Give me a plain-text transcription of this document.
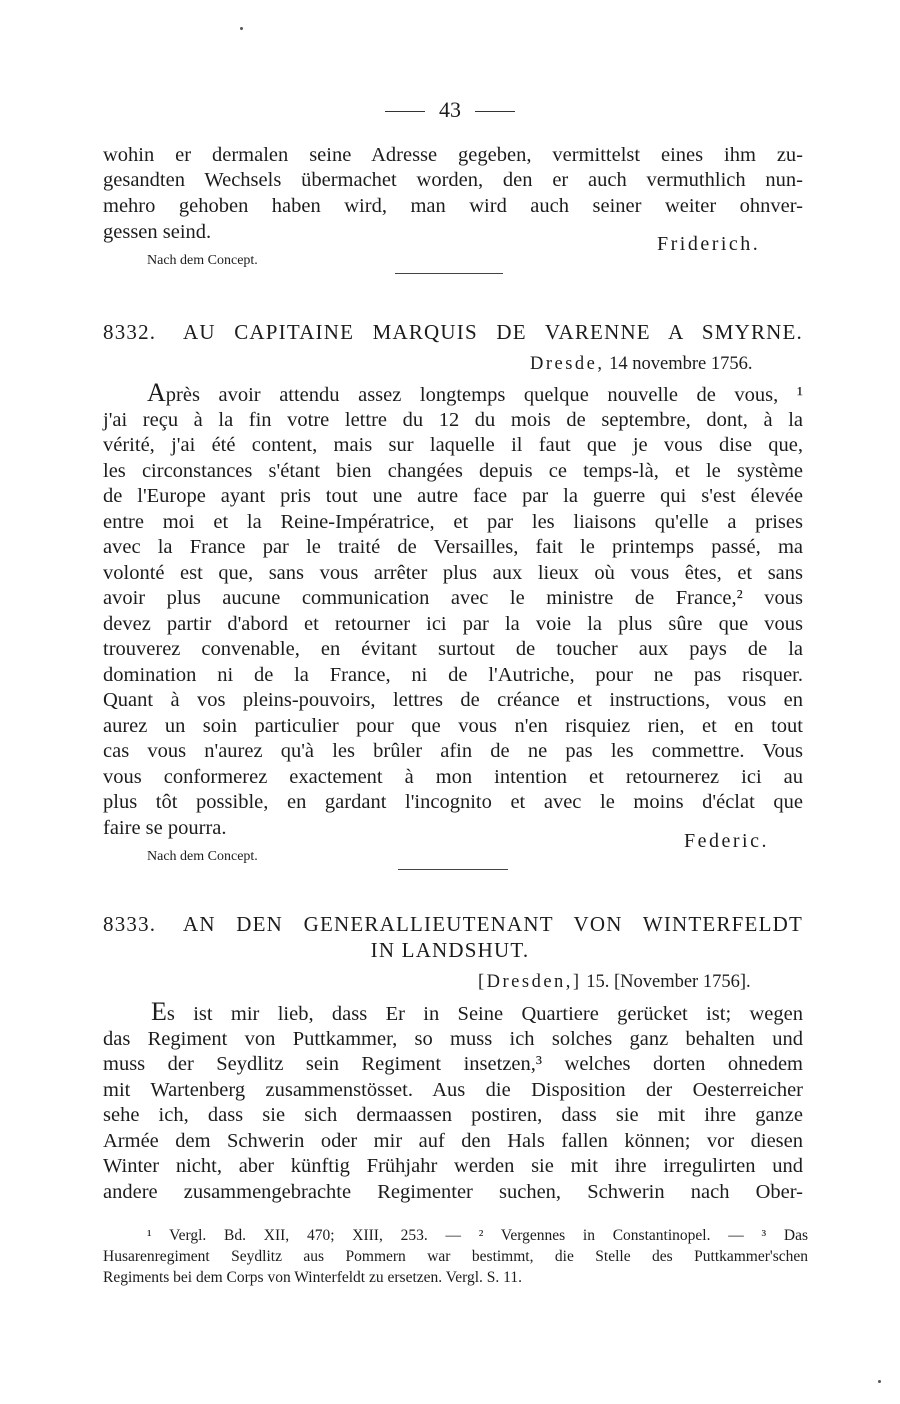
43
wohin er dermalen seine Adresse gegeben, vermittelst eines ihm zu-
gesandten Wechsels übermachet worden, den er auch vermuthlich nun-
mehro gehoben haben wird, man wird auch seiner weiter ohnver-
gessen seind.
Friderich.
Nach dem Concept.
8332. AU CAPITAINE MARQUIS DE VARENNE A SMYRNE.
Dresde, 14 novembre 1756.
Après avoir attendu assez longtemps quelque nouvelle de vous, ¹
j'ai reçu à la fin votre lettre du 12 du mois de septembre, dont, à la
vérité, j'ai été content, mais sur laquelle il faut que je vous dise que,
les circonstances s'étant bien changées depuis ce temps-là, et le système
de l'Europe ayant pris tout une autre face par la guerre qui s'est élevée
entre moi et la Reine-Impératrice, et par les liaisons qu'elle a prises
avec la France par le traité de Versailles, fait le printemps passé, ma
volonté est que, sans vous arrêter plus aux lieux où vous êtes, et sans
avoir plus aucune communication avec le ministre de France,² vous
devez partir d'abord et retourner ici par la voie la plus sûre que vous
trouverez convenable, en évitant surtout de toucher aux pays de la
domination ni de la France, ni de l'Autriche, pour ne pas risquer.
Quant à vos pleins-pouvoirs, lettres de créance et instructions, vous en
aurez un soin particulier pour que vous n'en risquiez rien, et en tout
cas vous n'aurez qu'à les brûler afin de ne pas les commettre. Vous
vous conformerez exactement à mon intention et retournerez ici au
plus tôt possible, en gardant l'incognito et avec le moins d'éclat que
faire se pourra.
Federic.
Nach dem Concept.
8333. AN DEN GENERALLIEUTENANT VON WINTERFELDT
IN LANDSHUT.
[Dresden,] 15. [November 1756].
Es ist mir lieb, dass Er in Seine Quartiere gerücket ist; wegen
das Regiment von Puttkammer, so muss ich solches ganz behalten und
muss der Seydlitz sein Regiment insetzen,³ welches dorten ohnedem
mit Wartenberg zusammenstösset. Aus die Disposition der Oesterreicher
sehe ich, dass sie sich dermaassen postiren, dass sie mit ihre ganze
Armée dem Schwerin oder mir auf den Hals fallen können; vor diesen
Winter nicht, aber künftig Frühjahr werden sie mit ihre irregulirten und
andere zusammengebrachte Regimenter suchen, Schwerin nach Ober-
¹ Vergl. Bd. XII, 470; XIII, 253. — ² Vergennes in Constantinopel. — ³ Das
Husarenregiment Seydlitz aus Pommern war bestimmt, die Stelle des Puttkammer'schen
Regiments bei dem Corps von Winterfeldt zu ersetzen. Vergl. S. 11.
